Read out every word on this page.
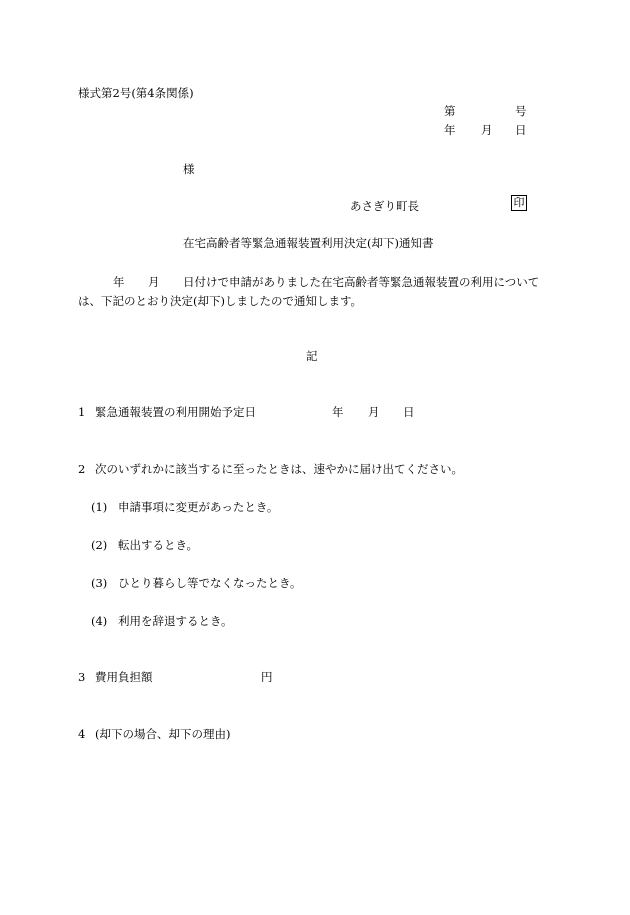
様式第2号(第4条関係)
第	号
年 月 日
様
あさぎり町長	印
在宅高齢者等緊急通報装置利用決定(却下)通知書
年 月 日付けで申請がありました在宅高齢者等緊急通報装置の利用について
は、下記のとおり決定(却下)しましたので通知します。
記
1 緊急通報装置の利用開始予定日	年 月 日
2 次のいずれかに該当するに至ったときは、速やかに届け出てください。
(1) 申請事項に変更があったとき。
(2) 転出するとき。
(3) ひとり暮らし等でなくなったとき。
(4) 利用を辞退するとき。
3 費用負担額	円
4 (却下の場合、却下の理由)
